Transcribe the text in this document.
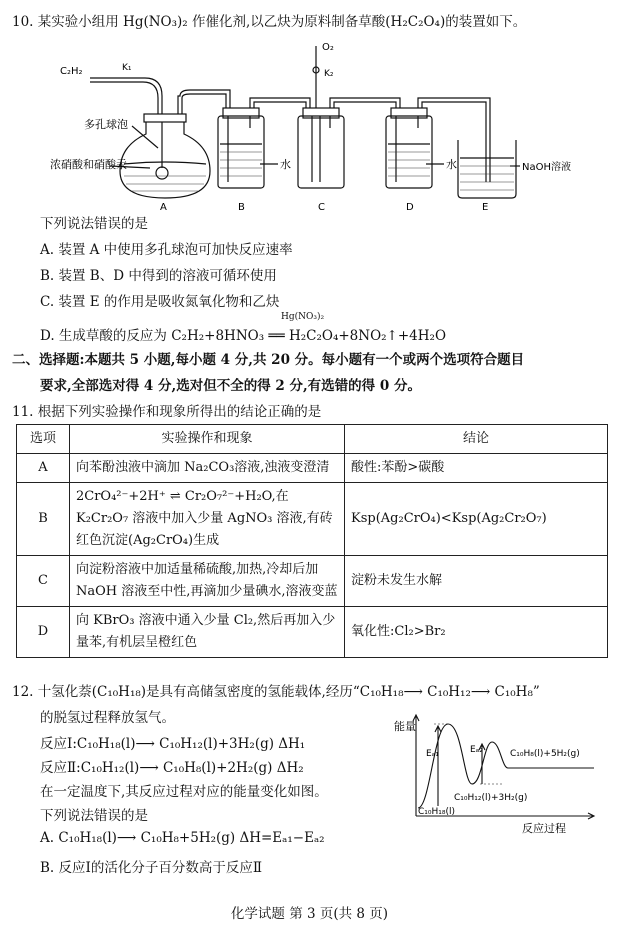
10. 某实验小组用 Hg(NO₃)₂ 作催化剂,以乙炔为原料制备草酸(H₂C₂O₄)的装置如下。
C₂H₂	K₁
O₂
K₂
多孔球泡
浓硝酸和硝酸汞	水	水	NaOH溶液
A	B	C	D	E
下列说法错误的是
A. 装置 A 中使用多孔球泡可加快反应速率
B. 装置 B、D 中得到的溶液可循环使用
C. 装置 E 的作用是吸收氮氧化物和乙炔
Hg(NO₃)₂
D. 生成草酸的反应为 C₂H₂+8HNO₃ ══ H₂C₂O₄+8NO₂↑+4H₂O
二、选择题:本题共 5 小题,每小题 4 分,共 20 分。每小题有一个或两个选项符合题目
要求,全部选对得 4 分,选对但不全的得 2 分,有选错的得 0 分。
11. 根据下列实验操作和现象所得出的结论正确的是
选项	实验操作和现象	结论
A	向苯酚浊液中滴加 Na₂CO₃溶液,浊液变澄清	酸性:苯酚>碳酸
B	2CrO₄²⁻+2H⁺ ⇌ Cr₂O₇²⁻+H₂O,在 K₂Cr₂O₇ 溶液中加入少量 AgNO₃ 溶液,有砖红色沉淀(Ag₂CrO₄)生成	Ksp(Ag₂CrO₄)<Ksp(Ag₂Cr₂O₇)
C	向淀粉溶液中加适量稀硫酸,加热,冷却后加 NaOH 溶液至中性,再滴加少量碘水,溶液变蓝	淀粉未发生水解
D	向 KBrO₃ 溶液中通入少量 Cl₂,然后再加入少量苯,有机层呈橙红色	氧化性:Cl₂>Br₂
12. 十氢化萘(C₁₀H₁₈)是具有高储氢密度的氢能载体,经历“C₁₀H₁₈⟶ C₁₀H₁₂⟶ C₁₀H₈”
的脱氢过程释放氢气。
反应Ⅰ:C₁₀H₁₈(l)⟶ C₁₀H₁₂(l)+3H₂(g) ΔH₁
反应Ⅱ:C₁₀H₁₂(l)⟶ C₁₀H₈(l)+2H₂(g) ΔH₂
在一定温度下,其反应过程对应的能量变化如图。
下列说法错误的是
A. C₁₀H₁₈(l)⟶ C₁₀H₈+5H₂(g) ΔH=Eₐ₁−Eₐ₂
B. 反应Ⅰ的活化分子百分数高于反应Ⅱ
能量
Eₐ₁	Eₐ₂	C₁₀H₈(l)+5H₂(g)
C₁₀H₁₂(l)+3H₂(g)
C₁₀H₁₈(l)
反应过程
化学试题 第 3 页(共 8 页)
